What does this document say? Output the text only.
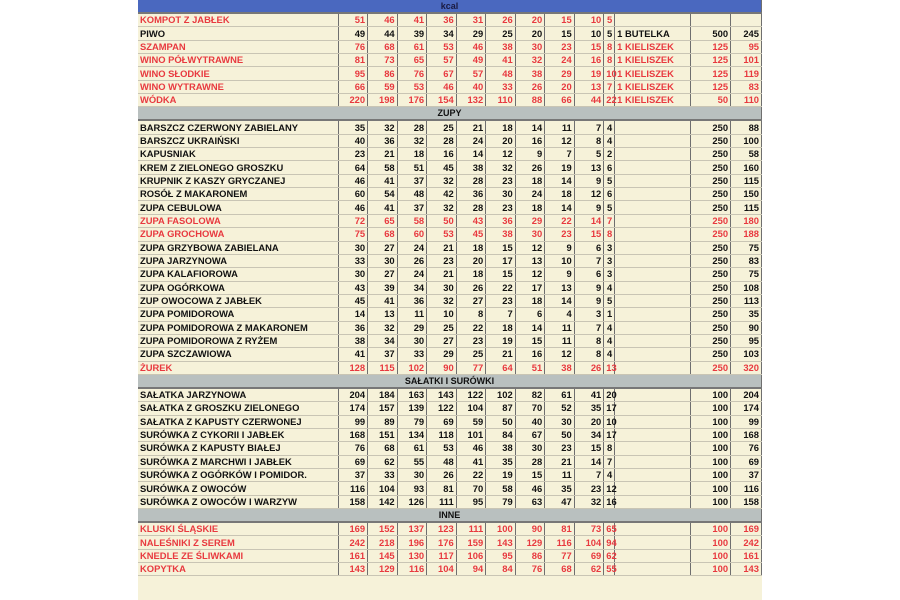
kcal													
KOMPOT Z JABŁEK	51	46	41	36	31	26	20	15	10	5			
PIWO	49	44	39	34	29	25	20	15	10	5	1 BUTELKA	500	245
SZAMPAN	76	68	61	53	46	38	30	23	15	8	1 KIELISZEK	125	95
WINO PÓŁWYTRAWNE	81	73	65	57	49	41	32	24	16	8	1 KIELISZEK	125	101
WINO SŁODKIE	95	86	76	67	57	48	38	29	19	10	1 KIELISZEK	125	119
WINO WYTRAWNE	66	59	53	46	40	33	26	20	13	7	1 KIELISZEK	125	83
WÓDKA	220	198	176	154	132	110	88	66	44	22	1 KIELISZEK	50	110
ZUPY													
BARSZCZ CZERWONY ZABIELANY	35	32	28	25	21	18	14	11	7	4		250	88
BARSZCZ UKRAIŃSKI	40	36	32	28	24	20	16	12	8	4		250	100
KAPUSNIAK	23	21	18	16	14	12	9	7	5	2		250	58
KREM Z ZIELONEGO GROSZKU	64	58	51	45	38	32	26	19	13	6		250	160
KRUPNIK Z KASZY GRYCZANEJ	46	41	37	32	28	23	18	14	9	5		250	115
ROSÓŁ Z MAKARONEM	60	54	48	42	36	30	24	18	12	6		250	150
ZUPA CEBULOWA	46	41	37	32	28	23	18	14	9	5		250	115
ZUPA FASOLOWA	72	65	58	50	43	36	29	22	14	7		250	180
ZUPA GROCHOWA	75	68	60	53	45	38	30	23	15	8		250	188
ZUPA GRZYBOWA ZABIELANA	30	27	24	21	18	15	12	9	6	3		250	75
ZUPA JARZYNOWA	33	30	26	23	20	17	13	10	7	3		250	83
ZUPA KALAFIOROWA	30	27	24	21	18	15	12	9	6	3		250	75
ZUPA OGÓRKOWA	43	39	34	30	26	22	17	13	9	4		250	108
ZUP OWOCOWA Z JABŁEK	45	41	36	32	27	23	18	14	9	5		250	113
ZUPA POMIDOROWA	14	13	11	10	8	7	6	4	3	1		250	35
ZUPA POMIDOROWA Z MAKARONEM	36	32	29	25	22	18	14	11	7	4		250	90
ZUPA POMIDOROWA Z RYŻEM	38	34	30	27	23	19	15	11	8	4		250	95
ZUPA SZCZAWIOWA	41	37	33	29	25	21	16	12	8	4		250	103
ŻUREK	128	115	102	90	77	64	51	38	26	13		250	320
SAŁATKI I SURÓWKI													
SAŁATKA JARZYNOWA	204	184	163	143	122	102	82	61	41	20		100	204
SAŁATKA Z GROSZKU ZIELONEGO	174	157	139	122	104	87	70	52	35	17		100	174
SAŁATKA Z KAPUSTY CZERWONEJ	99	89	79	69	59	50	40	30	20	10		100	99
SURÓWKA Z CYKORII I JABŁEK	168	151	134	118	101	84	67	50	34	17		100	168
SURÓWKA Z KAPUSTY BIAŁEJ	76	68	61	53	46	38	30	23	15	8		100	76
SURÓWKA Z MARCHWI I JABŁEK	69	62	55	48	41	35	28	21	14	7		100	69
SURÓWKA Z OGÓRKÓW I POMIDOR.	37	33	30	26	22	19	15	11	7	4		100	37
SURÓWKA Z OWOCÓW	116	104	93	81	70	58	46	35	23	12		100	116
SURÓWKA Z OWOCÓW I WARZYW	158	142	126	111	95	79	63	47	32	16		100	158
INNE													
KLUSKI ŚLĄSKIE	169	152	137	123	111	100	90	81	73	65		100	169
NALEŚNIKI Z SEREM	242	218	196	176	159	143	129	116	104	94		100	242
KNEDLE ZE ŚLIWKAMI	161	145	130	117	106	95	86	77	69	62		100	161
KOPYTKA	143	129	116	104	94	84	76	68	62	55		100	143
